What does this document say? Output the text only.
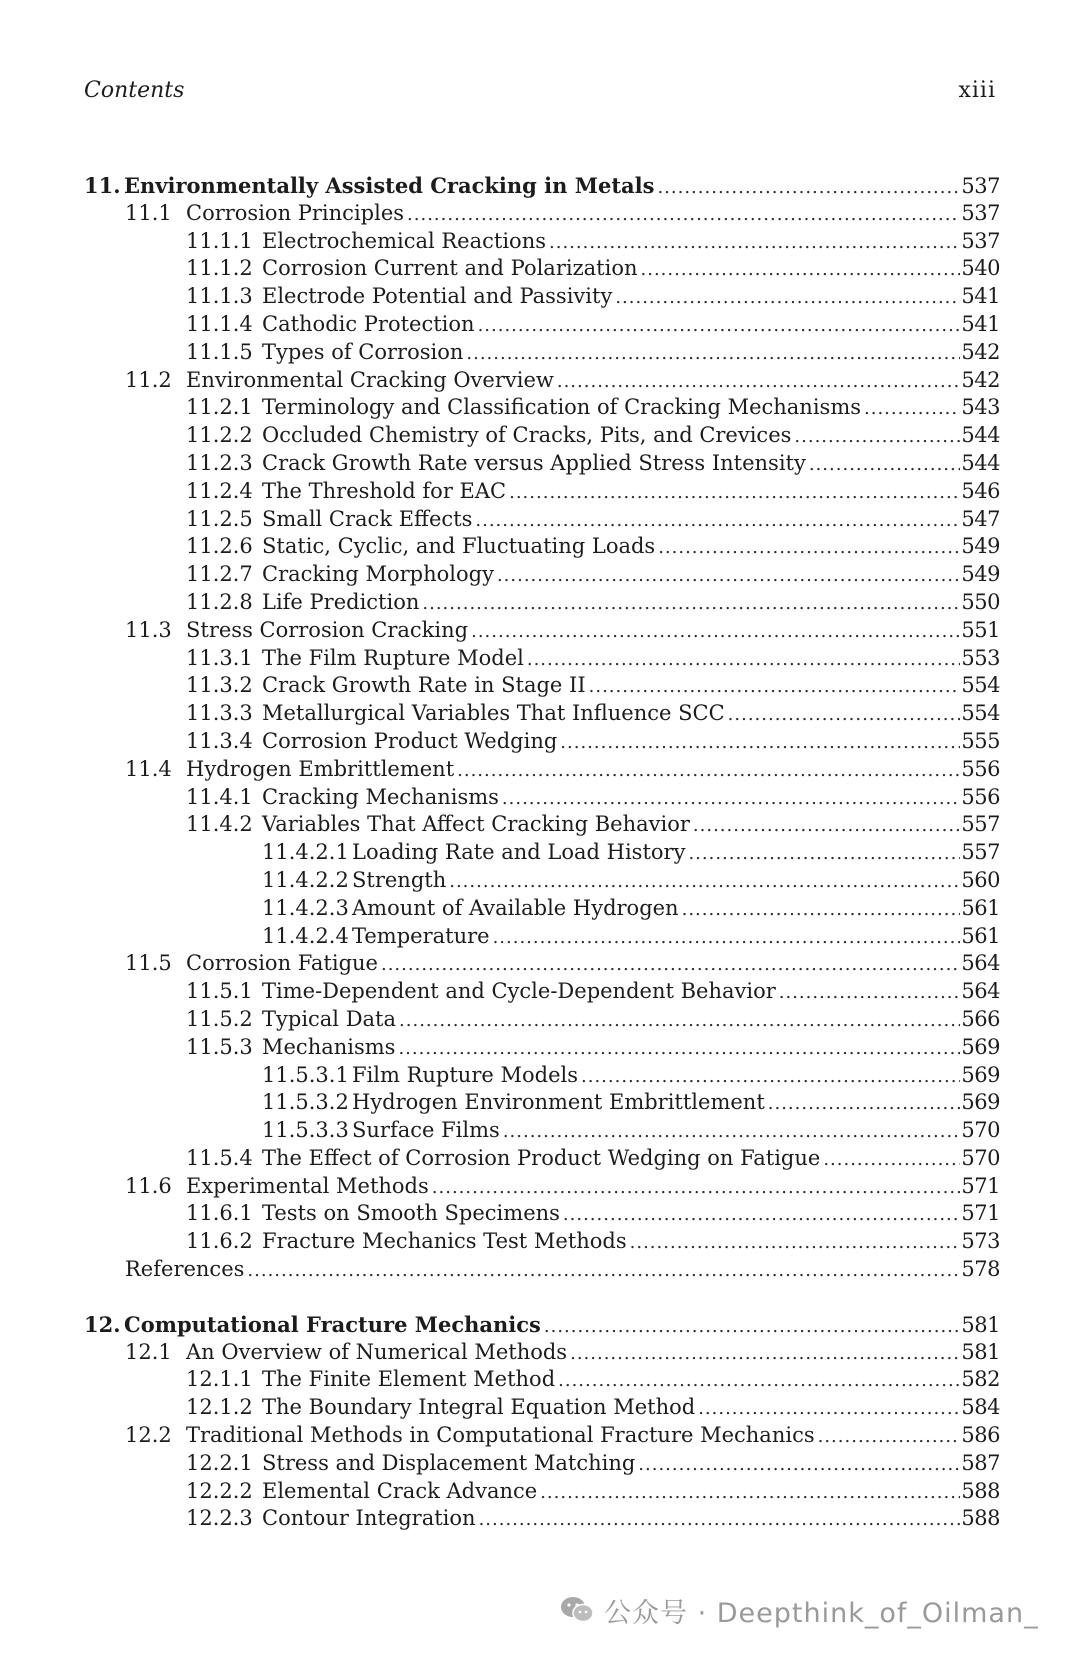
Contents	xiii
11. Environmentally Assisted Cracking in Metals .....	537
11.1 Corrosion Principles .....	537
11.1.1 Electrochemical Reactions .....	537
11.1.2 Corrosion Current and Polarization .....	540
11.1.3 Electrode Potential and Passivity .....	541
11.1.4 Cathodic Protection .....	541
11.1.5 Types of Corrosion .....	542
11.2 Environmental Cracking Overview .....	542
11.2.1 Terminology and Classification of Cracking Mechanisms .....	543
11.2.2 Occluded Chemistry of Cracks, Pits, and Crevices .....	544
11.2.3 Crack Growth Rate versus Applied Stress Intensity .....	544
11.2.4 The Threshold for EAC .....	546
11.2.5 Small Crack Effects .....	547
11.2.6 Static, Cyclic, and Fluctuating Loads .....	549
11.2.7 Cracking Morphology .....	549
11.2.8 Life Prediction .....	550
11.3 Stress Corrosion Cracking .....	551
11.3.1 The Film Rupture Model .....	553
11.3.2 Crack Growth Rate in Stage II .....	554
11.3.3 Metallurgical Variables That Influence SCC .....	554
11.3.4 Corrosion Product Wedging .....	555
11.4 Hydrogen Embrittlement .....	556
11.4.1 Cracking Mechanisms .....	556
11.4.2 Variables That Affect Cracking Behavior .....	557
11.4.2.1 Loading Rate and Load History .....	557
11.4.2.2 Strength .....	560
11.4.2.3 Amount of Available Hydrogen .....	561
11.4.2.4 Temperature .....	561
11.5 Corrosion Fatigue .....	564
11.5.1 Time-Dependent and Cycle-Dependent Behavior .....	564
11.5.2 Typical Data .....	566
11.5.3 Mechanisms .....	569
11.5.3.1 Film Rupture Models .....	569
11.5.3.2 Hydrogen Environment Embrittlement .....	569
11.5.3.3 Surface Films .....	570
11.5.4 The Effect of Corrosion Product Wedging on Fatigue .....	570
11.6 Experimental Methods .....	571
11.6.1 Tests on Smooth Specimens .....	571
11.6.2 Fracture Mechanics Test Methods .....	573
References .....	578
12. Computational Fracture Mechanics .....	581
12.1 An Overview of Numerical Methods .....	581
12.1.1 The Finite Element Method .....	582
12.1.2 The Boundary Integral Equation Method .....	584
12.2 Traditional Methods in Computational Fracture Mechanics .....	586
12.2.1 Stress and Displacement Matching .....	587
12.2.2 Elemental Crack Advance .....	588
12.2.3 Contour Integration .....	588
公众号 · Deepthink_of_Oilman_
